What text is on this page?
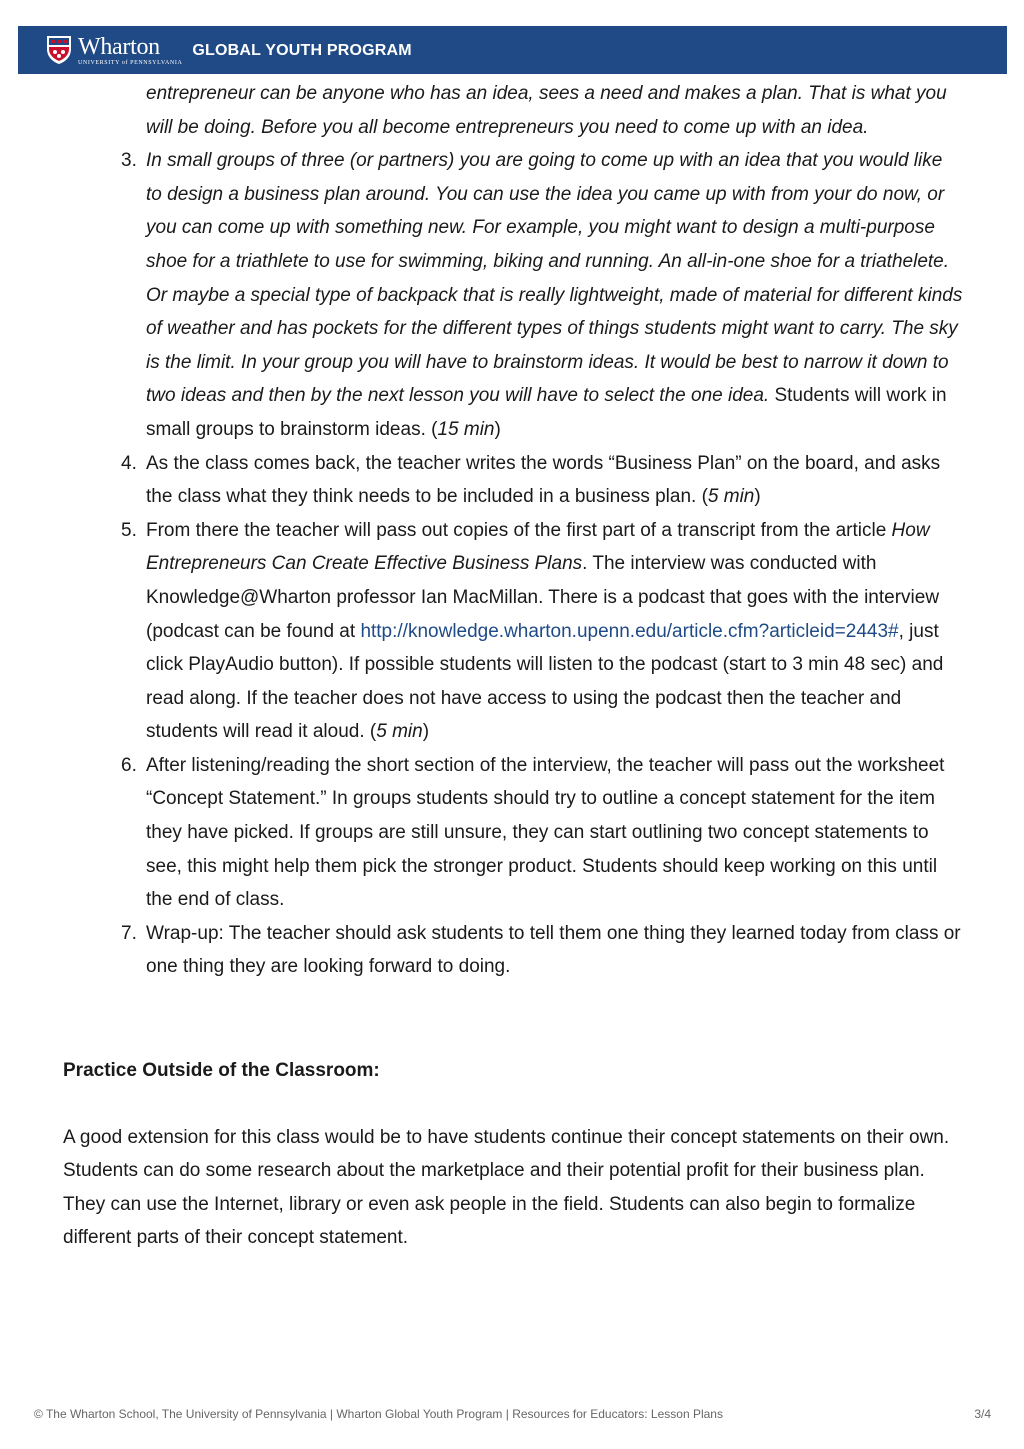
Wharton
UNIVERSITY of PENNSYLVANIA
GLOBAL YOUTH PROGRAM
entrepreneur can be anyone who has an idea, sees a need and makes a plan. That is what you will be doing. Before you all become entrepreneurs you need to come up with an idea.
3. In small groups of three (or partners) you are going to come up with an idea that you would like to design a business plan around. You can use the idea you came up with from your do now, or you can come up with something new. For example, you might want to design a multi-purpose shoe for a triathlete to use for swimming, biking and running. An all-in-one shoe for a triathelete. Or maybe a special type of backpack that is really lightweight, made of material for different kinds of weather and has pockets for the different types of things students might want to carry. The sky is the limit. In your group you will have to brainstorm ideas. It would be best to narrow it down to two ideas and then by the next lesson you will have to select the one idea. Students will work in small groups to brainstorm ideas. (15 min)
4. As the class comes back, the teacher writes the words “Business Plan” on the board, and asks the class what they think needs to be included in a business plan. (5 min)
5. From there the teacher will pass out copies of the first part of a transcript from the article How Entrepreneurs Can Create Effective Business Plans. The interview was conducted with Knowledge@Wharton professor Ian MacMillan. There is a podcast that goes with the interview (podcast can be found at http://knowledge.wharton.upenn.edu/article.cfm?articleid=2443#, just click PlayAudio button). If possible students will listen to the podcast (start to 3 min 48 sec) and read along. If the teacher does not have access to using the podcast then the teacher and students will read it aloud. (5 min)
6. After listening/reading the short section of the interview, the teacher will pass out the worksheet “Concept Statement.” In groups students should try to outline a concept statement for the item they have picked. If groups are still unsure, they can start outlining two concept statements to see, this might help them pick the stronger product. Students should keep working on this until the end of class.
7. Wrap-up: The teacher should ask students to tell them one thing they learned today from class or one thing they are looking forward to doing.
Practice Outside of the Classroom:
A good extension for this class would be to have students continue their concept statements on their own. Students can do some research about the marketplace and their potential profit for their business plan. They can use the Internet, library or even ask people in the field. Students can also begin to formalize different parts of their concept statement.
© The Wharton School, The University of Pennsylvania | Wharton Global Youth Program | Resources for Educators: Lesson Plans	3/4
